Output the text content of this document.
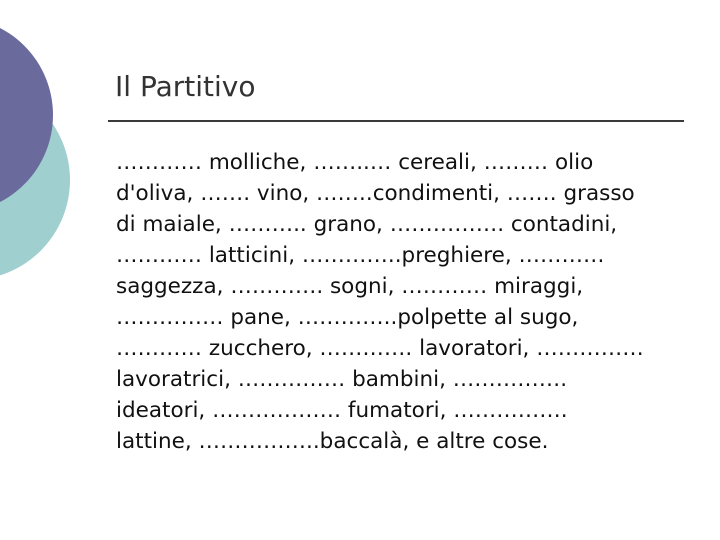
Il Partitivo
………… molliche, ……..… cereali, ……… olio
d'oliva, ……. vino, ……..condimenti, ……. grasso
di maiale, ……….. grano, ……………. contadini,
………… latticini, …………..preghiere, …………
saggezza, …………. sogni, ………… miraggi,
…………… pane, …………..polpette al sugo,
………… zucchero, …………. lavoratori, ……………
lavoratrici, …………… bambini, …………….
ideatori, ……………… fumatori, …………….
lattine, ……………..baccalà, e altre cose.
